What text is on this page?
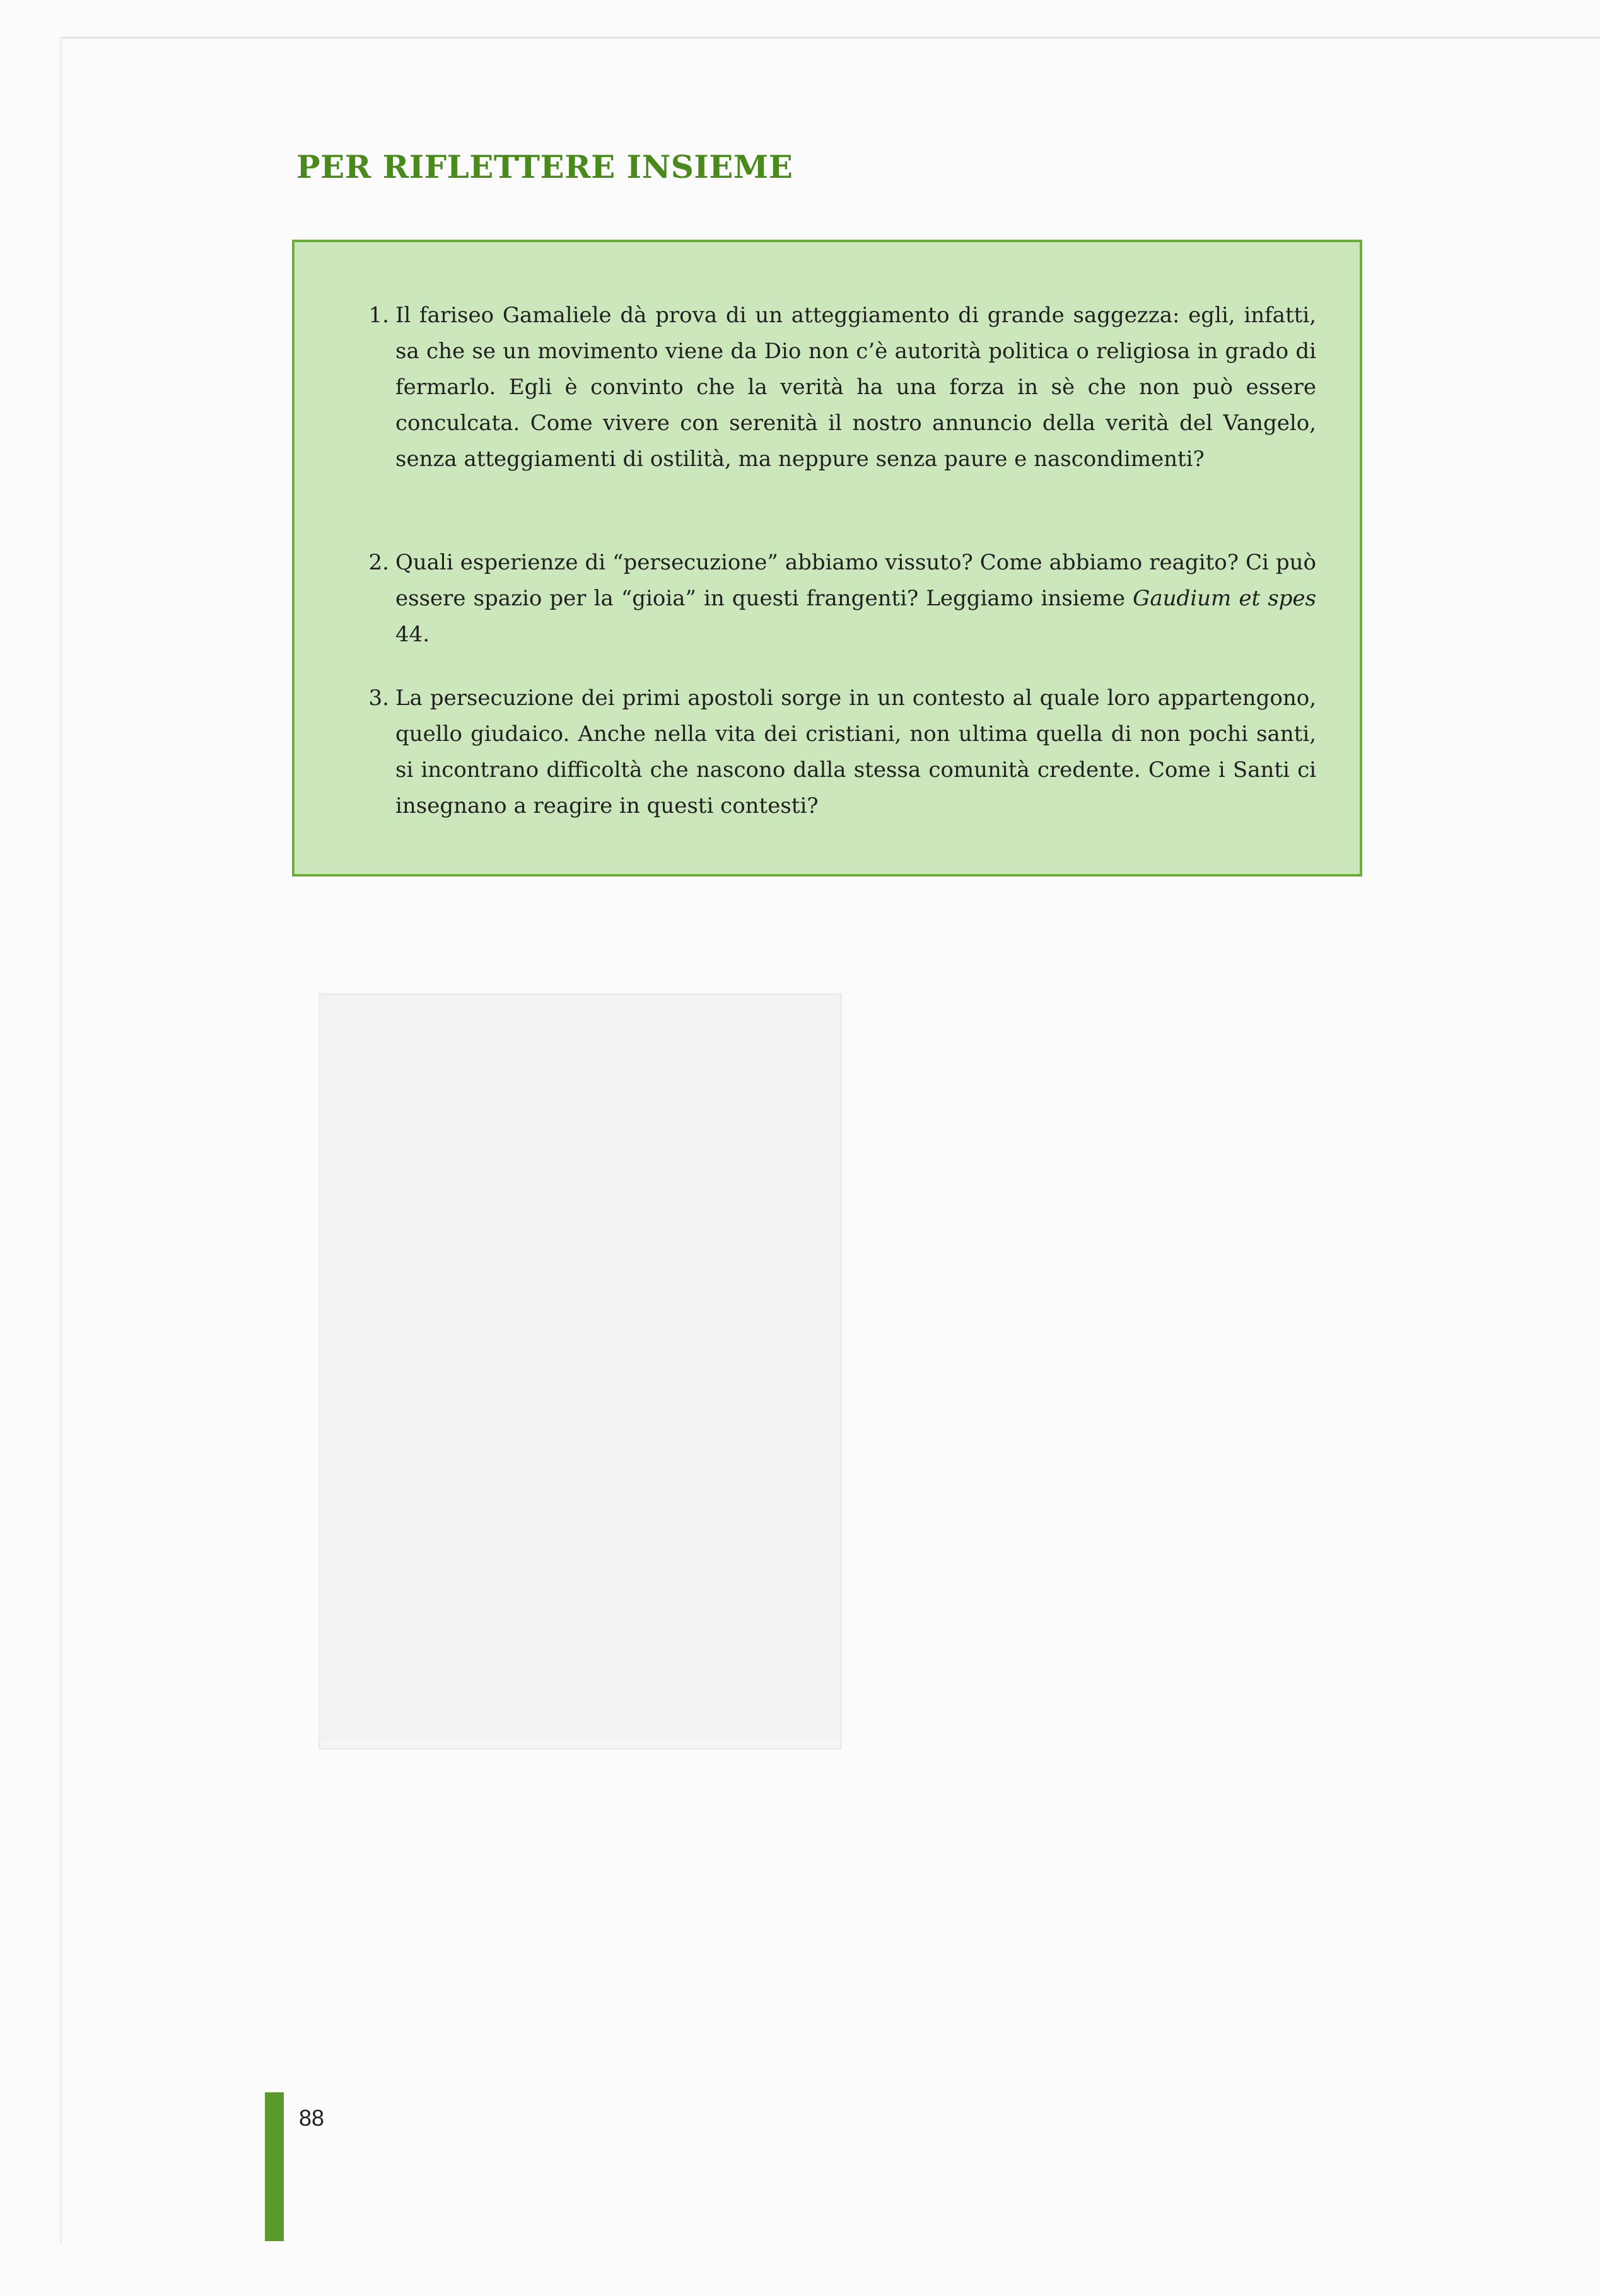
PER RIFLETTERE INSIEME

1. Il fariseo Gamaliele dà prova di un atteggiamento di grande saggezza: egli, infatti, sa che se un movimento viene da Dio non c’è autorità politica o religiosa in grado di fermarlo. Egli è convinto che la verità ha una forza in sè che non può essere conculcata. Come vivere con serenità il nostro annuncio della verità del Vangelo, senza atteggiamenti di ostilità, ma neppure senza paure e nascondimenti?

2. Quali esperienze di “persecuzione” abbiamo vissuto? Come abbiamo reagito? Ci può essere spazio per la “gioia” in questi frangenti? Leggiamo insieme Gaudium et spes 44.

3. La persecuzione dei primi apostoli sorge in un contesto al quale loro appartengono, quello giudaico. Anche nella vita dei cristiani, non ultima quella di non pochi santi, si incontrano difficoltà che nascono dalla stessa comunità credente. Come i Santi ci insegnano a reagire in questi contesti?

88
